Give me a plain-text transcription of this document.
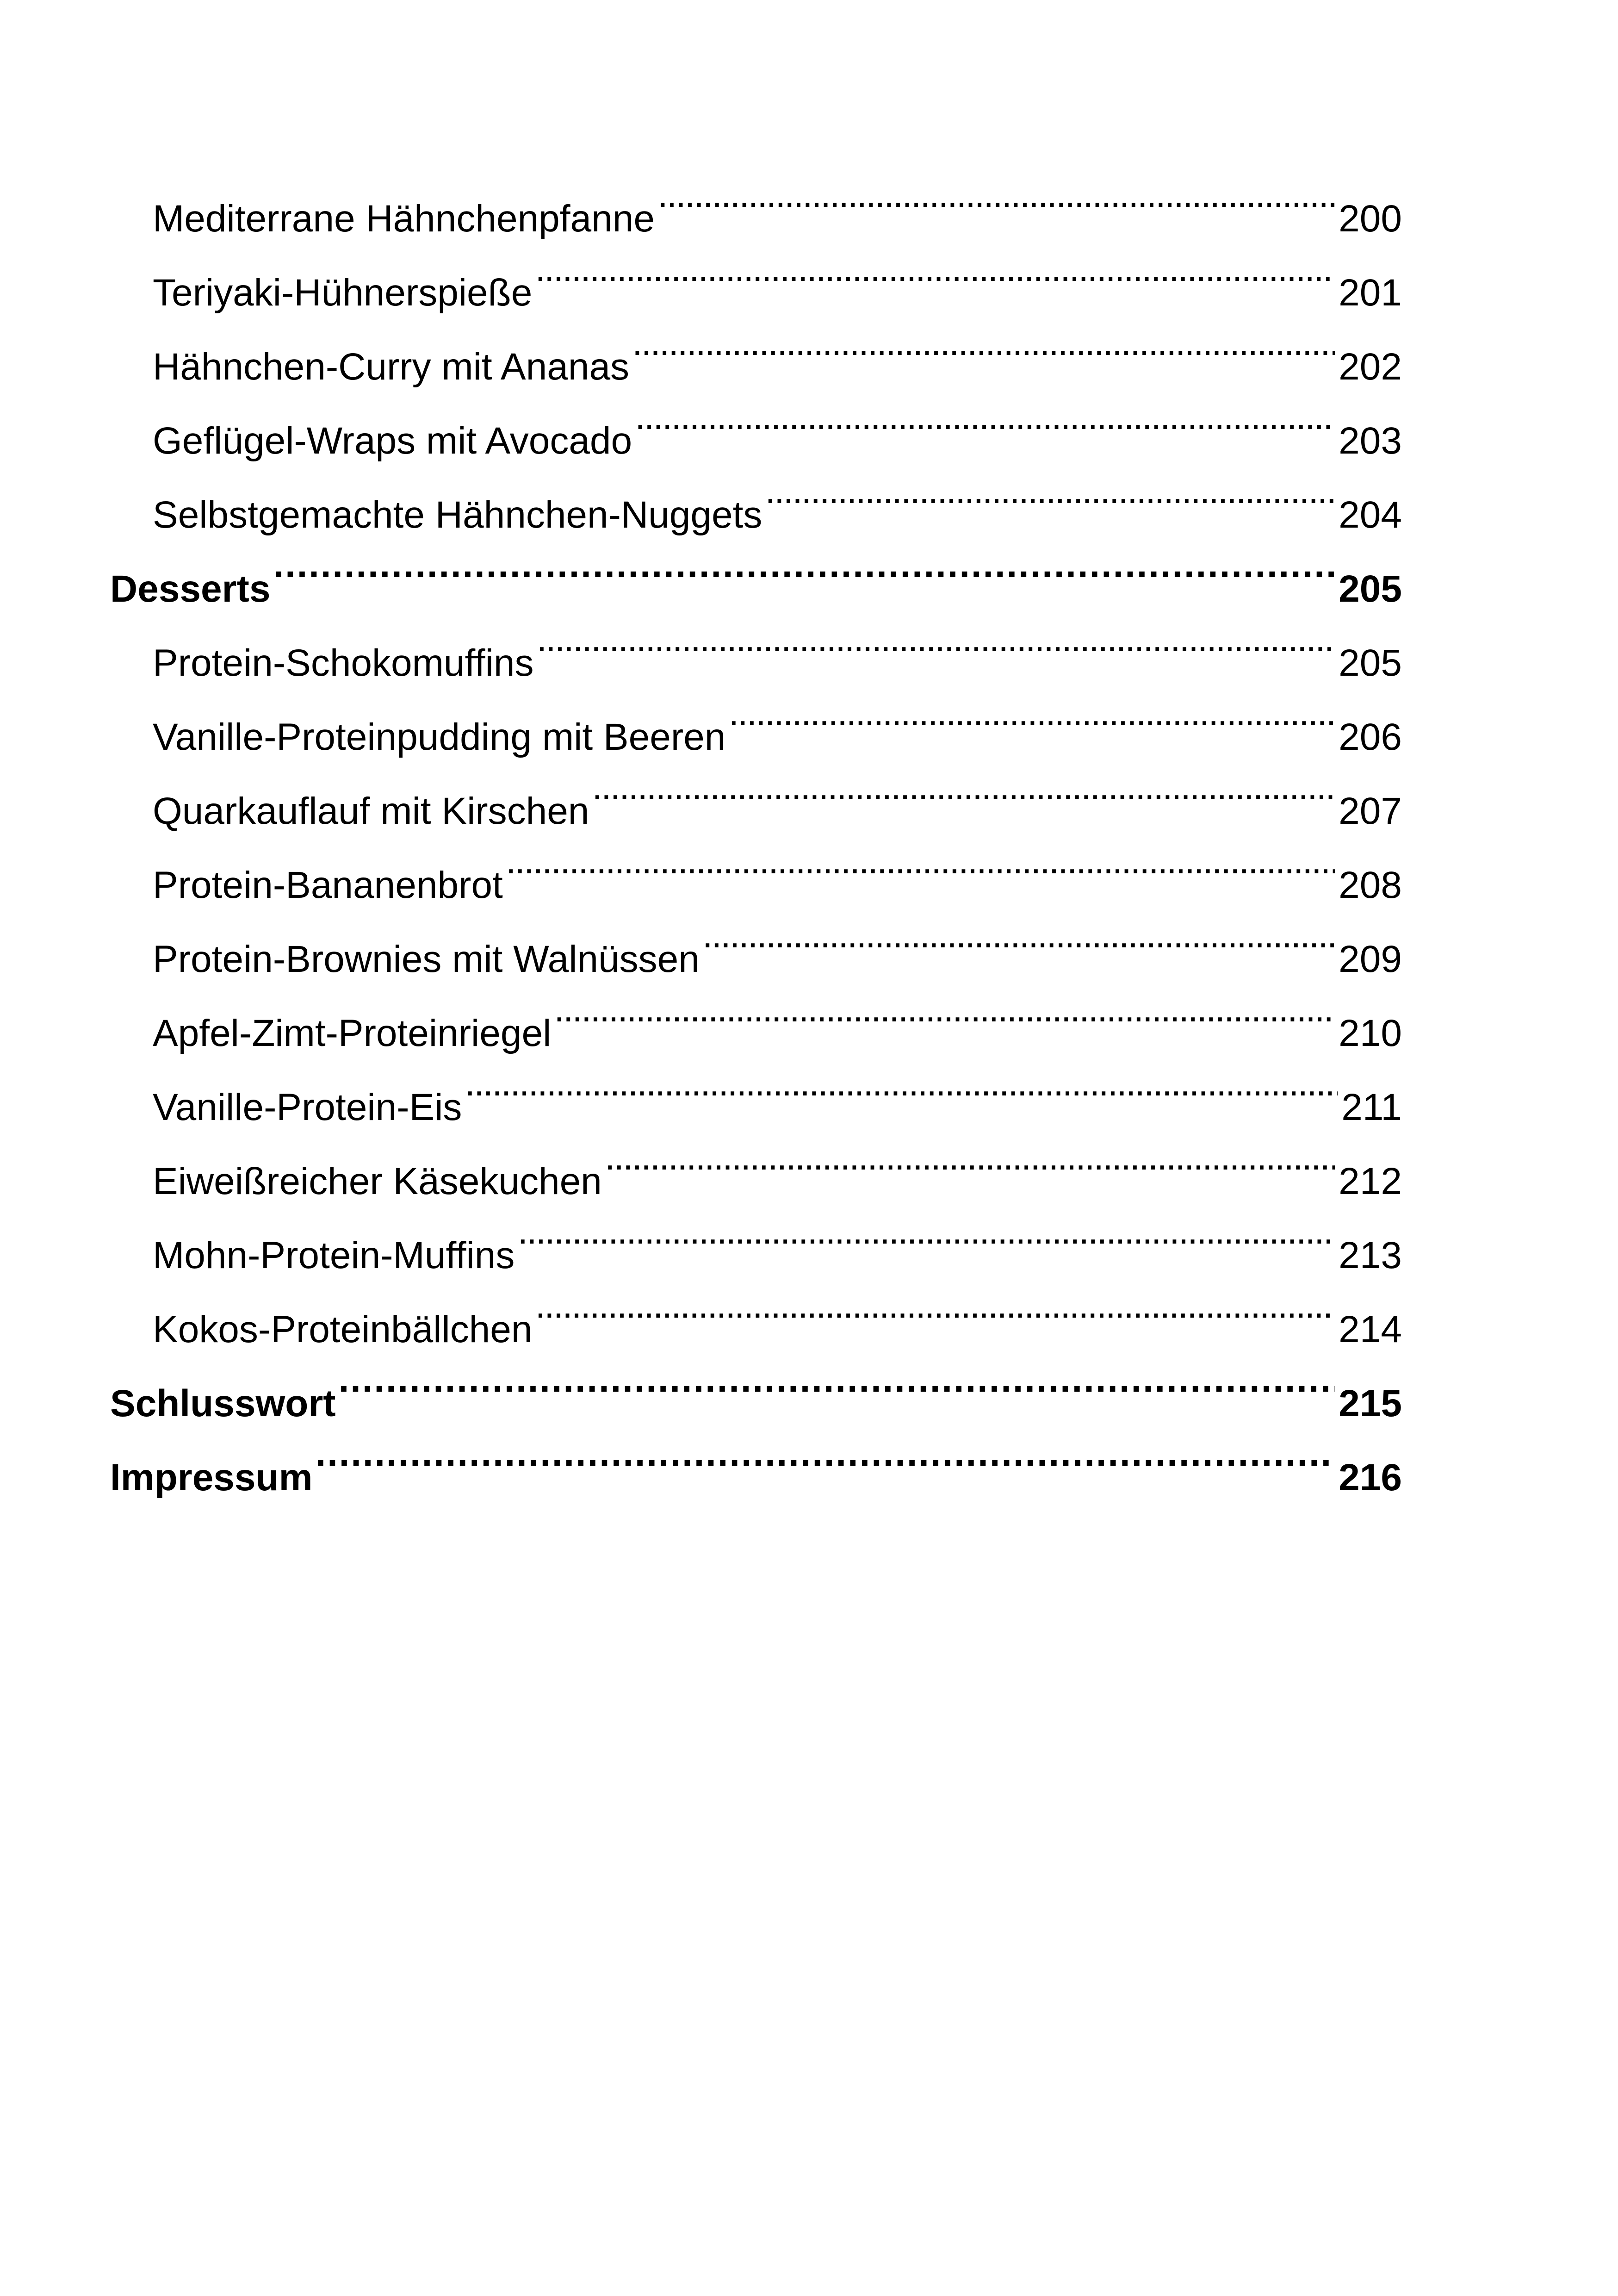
Mediterrane Hähnchenpfanne . . .	200
Teriyaki-Hühnerspieße . . .	201
Hähnchen-Curry mit Ananas . . .	202
Geflügel-Wraps mit Avocado . . .	203
Selbstgemachte Hähnchen-Nuggets . . .	204
Desserts . . .	205
Protein-Schokomuffins . . .	205
Vanille-Proteinpudding mit Beeren . . .	206
Quarkauflauf mit Kirschen . . .	207
Protein-Bananenbrot . . .	208
Protein-Brownies mit Walnüssen . . .	209
Apfel-Zimt-Proteinriegel . . .	210
Vanille-Protein-Eis . . .	211
Eiweißreicher Käsekuchen . . .	212
Mohn-Protein-Muffins . . .	213
Kokos-Proteinbällchen . . .	214
Schlusswort . . .	215
Impressum . . .	216
